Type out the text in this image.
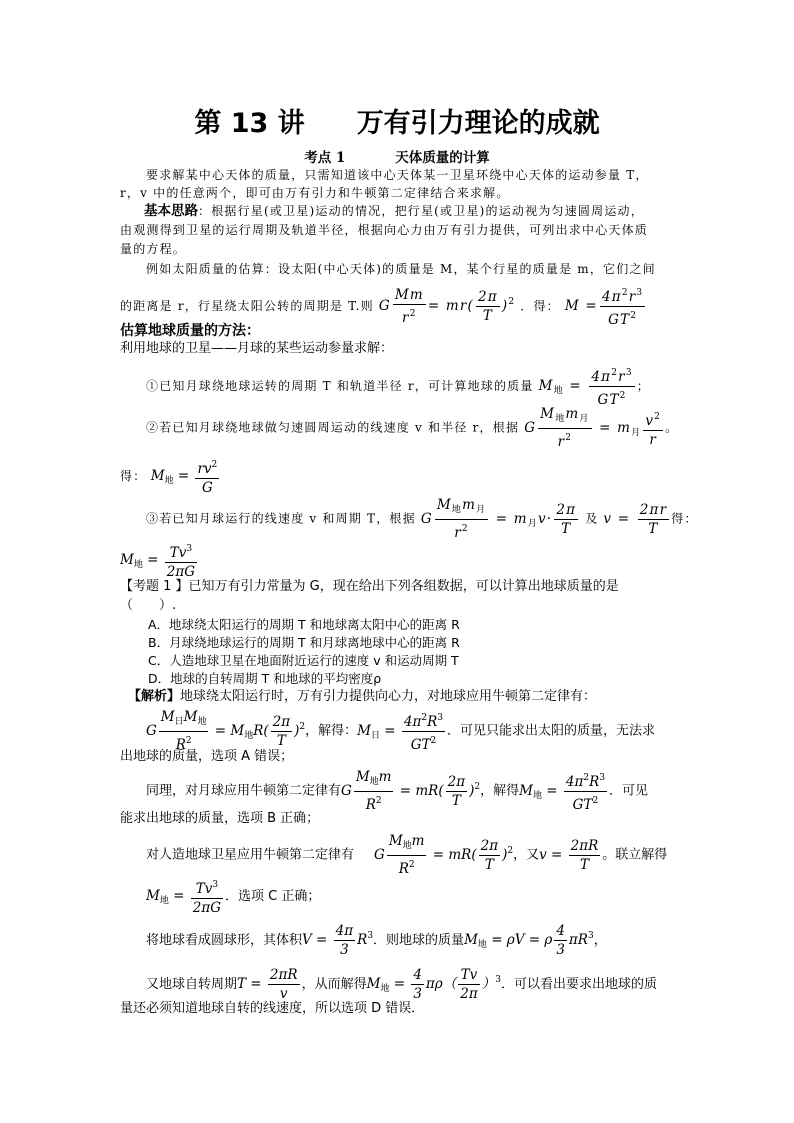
第 13 讲 万有引力理论的成就
考点 1	天体质量的计算
要求解某中心天体的质量，只需知道该中心天体某一卫星环绕中心天体的运动参量 T，
r，v 中的任意两个，即可由万有引力和牛顿第二定律结合来求解。
基本思路：根据行星(或卫星)运动的情况，把行星(或卫星)的运动视为匀速圆周运动，
由观测得到卫星的运行周期及轨道半径，根据向心力由万有引力提供，可列出求中心天体质
量的方程。
例如太阳质量的估算：设太阳(中心天体)的质量是 M，某个行星的质量是 m，它们之间
的距离是 r，行星绕太阳公转的周期是 T.则 G $\frac{Mm}{r^2} = mr( \frac{2\pi}{T} )^2$ ．得： $M = \frac{4\pi^2r^3}{GT^2}$
估算地球质量的方法：
利用地球的卫星——月球的某些运动参量求解：
①已知月球绕地球运转的周期 T 和轨道半径 r，可计算地球的质量 $M_地 = \frac{4\pi^2r^3}{GT^2}$ ；
②若已知月球绕地球做匀速圆周运动的线速度 v 和半径 r，根据 G $\frac{M_地m_月}{r^2} = m_月 \frac{v^2}{r}$ 。
得： $M_地 = \frac{rv^2}{G}$
③若已知月球运行的线速度 v 和周期 T，根据 G $\frac{M_地m_月}{r^2} = m_月v\cdot \frac{2\pi}{T}$ 及 $v = \frac{2\pi r}{T}$ 得：
$M_地 = \frac{Tv^3}{2\pi G}$
【考题 1 】已知万有引力常量为 G，现在给出下列各组数据，可以计算出地球质量的是
（　　）.
A．地球绕太阳运行的周期 T 和地球离太阳中心的距离 R
B．月球绕地球运行的周期 T 和月球离地球中心的距离 R
C．人造地球卫星在地面附近运行的速度 v 和运动周期 T
D．地球的自转周期 T 和地球的平均密度ρ
【解析】地球绕太阳运行时，万有引力提供向心力，对地球应用牛顿第二定律有：
G $\frac{M_日M_地}{R^2} = M_地R( \frac{2\pi}{T} )^2$，解得：$M_日 = \frac{4\pi^2R^3}{GT^2}$ ．可见只能求出太阳的质量，无法求
出地球的质量，选项 A 错误；
同理，对月球应用牛顿第二定律有G $\frac{M_地m}{R^2} = mR( \frac{2\pi}{T} )^2$，解得$M_地 = \frac{4\pi^2R^3}{GT^2}$ ．可见
能求出地球的质量，选项 B 正确；
对人造地球卫星应用牛顿第二定律有 G $\frac{M_地m}{R^2} = mR( \frac{2\pi}{T} )^2$，又$v = \frac{2\pi R}{T}$ 。联立解得
$M_地 = \frac{Tv^3}{2\pi G}$ ．选项 C 正确；
将地球看成圆球形，其体积$V = \frac{4\pi}{3} R^3$．则地球的质量$M_地 = \rho V = \rho \frac{4}{3} \pi R^3$，
又地球自转周期$T = \frac{2\pi R}{v}$ ，从而解得$M_地 = \frac{4}{3} \pi\rho( \frac{Tv}{2\pi} )^3$．可以看出要求出地球的质
量还必须知道地球自转的线速度，所以选项 D 错误．
